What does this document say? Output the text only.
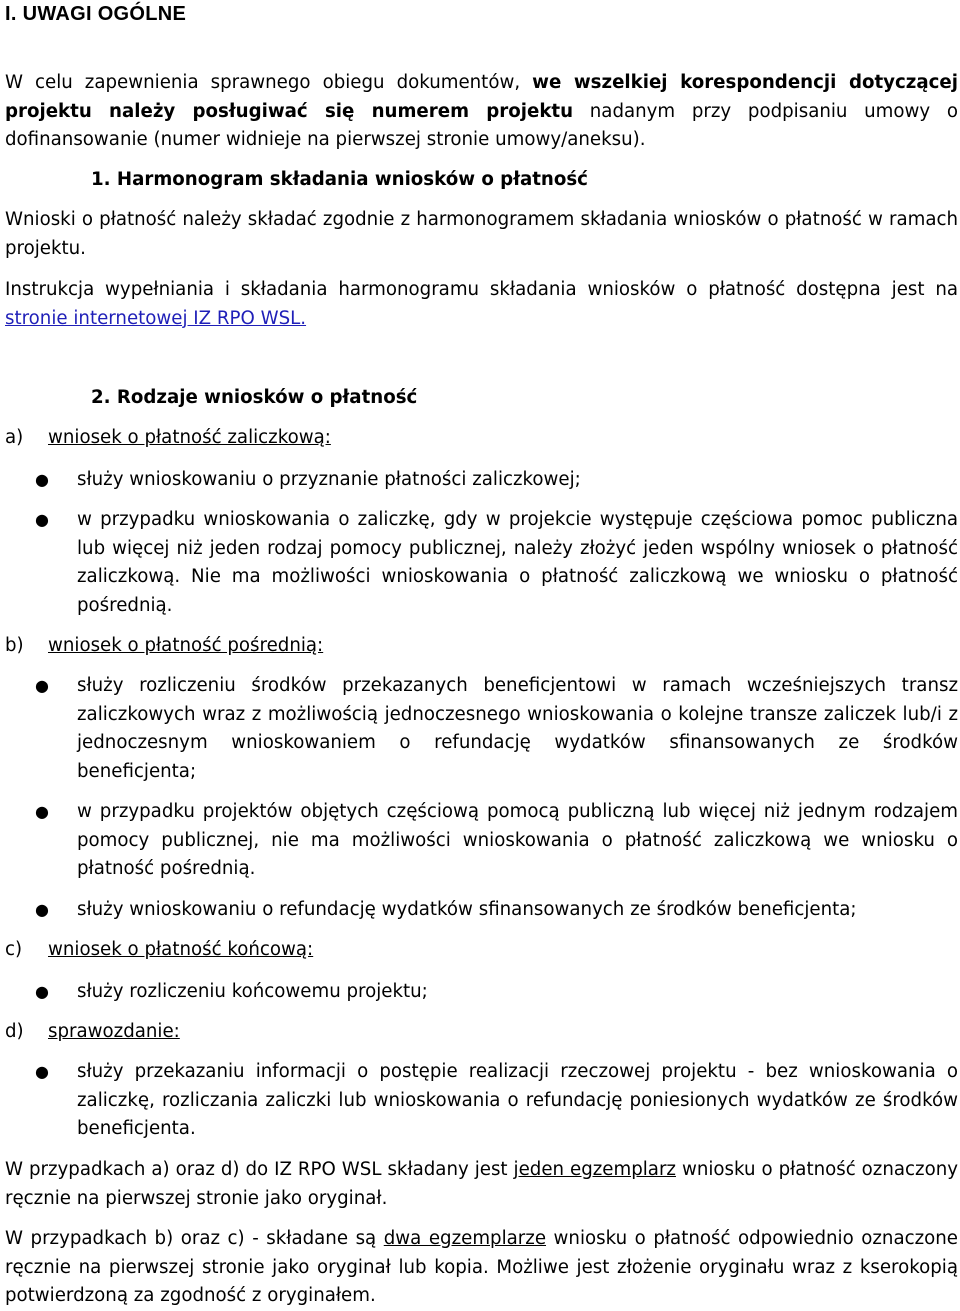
I. UWAGI OGÓLNE

W celu zapewnienia sprawnego obiegu dokumentów, we wszelkiej korespondencji dotyczącej projektu należy posługiwać się numerem projektu nadanym przy podpisaniu umowy o dofinansowanie (numer widnieje na pierwszej stronie umowy/aneksu).

1. Harmonogram składania wniosków o płatność

Wnioski o płatność należy składać zgodnie z harmonogramem składania wniosków o płatność w ramach projektu.

Instrukcja wypełniania i składania harmonogramu składania wniosków o płatność dostępna jest na stronie internetowej IZ RPO WSL.

2. Rodzaje wniosków o płatność
a) wniosek o płatność zaliczkową:
● służy wnioskowaniu o przyznanie płatności zaliczkowej;
● w przypadku wnioskowania o zaliczkę, gdy w projekcie występuje częściowa pomoc publiczna lub więcej niż jeden rodzaj pomocy publicznej, należy złożyć jeden wspólny wniosek o płatność zaliczkową. Nie ma możliwości wnioskowania o płatność zaliczkową we wniosku o płatność pośrednią.
b) wniosek o płatność pośrednią:
● służy rozliczeniu środków przekazanych beneficjentowi w ramach wcześniejszych transz zaliczkowych wraz z możliwością jednoczesnego wnioskowania o kolejne transze zaliczek lub/i z jednoczesnym wnioskowaniem o refundację wydatków sfinansowanych ze środków beneficjenta;
● w przypadku projektów objętych częściową pomocą publiczną lub więcej niż jednym rodzajem pomocy publicznej, nie ma możliwości wnioskowania o płatność zaliczkową we wniosku o płatność pośrednią.
● służy wnioskowaniu o refundację wydatków sfinansowanych ze środków beneficjenta;
c) wniosek o płatność końcową:
● służy rozliczeniu końcowemu projektu;
d) sprawozdanie:
● służy przekazaniu informacji o postępie realizacji rzeczowej projektu - bez wnioskowania o zaliczkę, rozliczania zaliczki lub wnioskowania o refundację poniesionych wydatków ze środków beneficjenta.

W przypadkach a) oraz d) do IZ RPO WSL składany jest jeden egzemplarz wniosku o płatność oznaczony ręcznie na pierwszej stronie jako oryginał.

W przypadkach b) oraz c) - składane są dwa egzemplarze wniosku o płatność odpowiednio oznaczone ręcznie na pierwszej stronie jako oryginał lub kopia. Możliwe jest złożenie oryginału wraz z kserokopią potwierdzoną za zgodność z oryginałem.
